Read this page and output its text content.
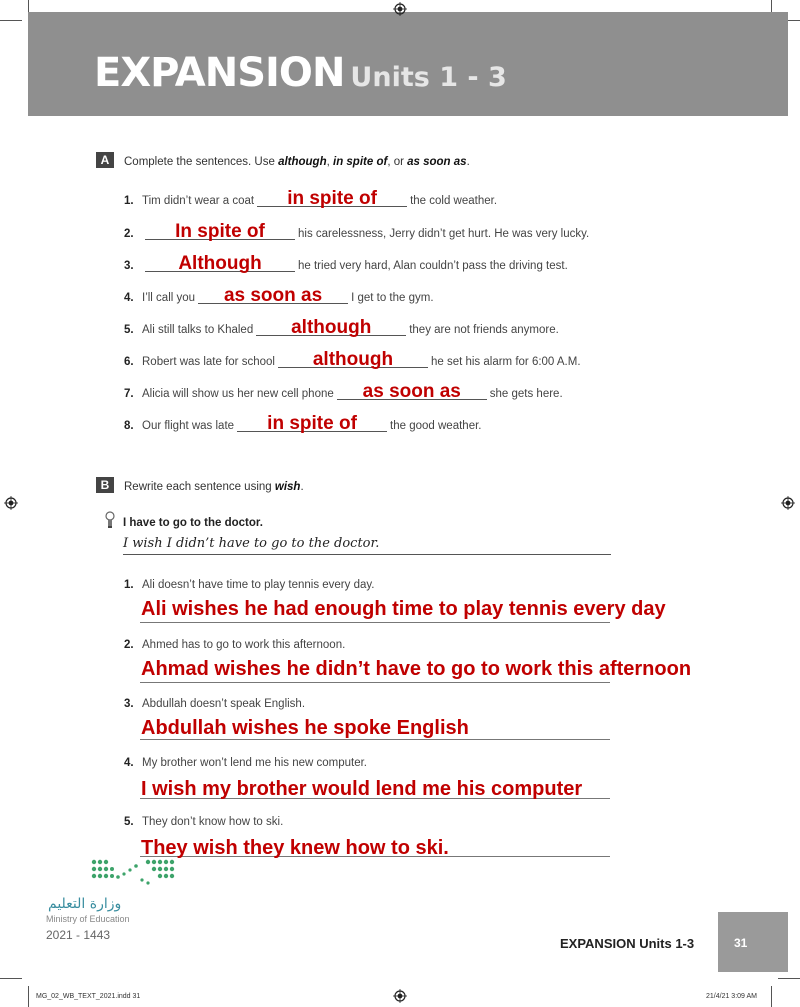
EXPANSION Units 1 - 3
A	Complete the sentences. Use although, in spite of, or as soon as.
1. Tim didn’t wear a coat	in spite of	the cold weather.
2.	In spite of	his carelessness, Jerry didn’t get hurt. He was very lucky.
3.	Although	he tried very hard, Alan couldn’t pass the driving test.
4. I’ll call you	as soon as	I get to the gym.
5. Ali still talks to Khaled	although	they are not friends anymore.
6. Robert was late for school	although	he set his alarm for 6:00 A.M.
7. Alicia will show us her new cell phone	as soon as	she gets here.
8. Our flight was late	in spite of	the good weather.
B	Rewrite each sentence using wish.
I have to go to the doctor.
I wish I didn’t have to go to the doctor.
1. Ali doesn’t have time to play tennis every day.
Ali wishes he had enough time to play tennis every day
2. Ahmed has to go to work this afternoon.
Ahmad wishes he didn’t have to go to work this afternoon
3. Abdullah doesn’t speak English.
Abdullah wishes he spoke English
4. My brother won’t lend me his new computer.
I wish my brother would lend me his computer
5. They don’t know how to ski.
They wish they knew how to ski.
وزارة التعليم
Ministry of Education
2021 - 1443
EXPANSION Units 1-3	31
MG_02_WB_TEXT_2021.indd 31	21/4/21 3:09 AM
